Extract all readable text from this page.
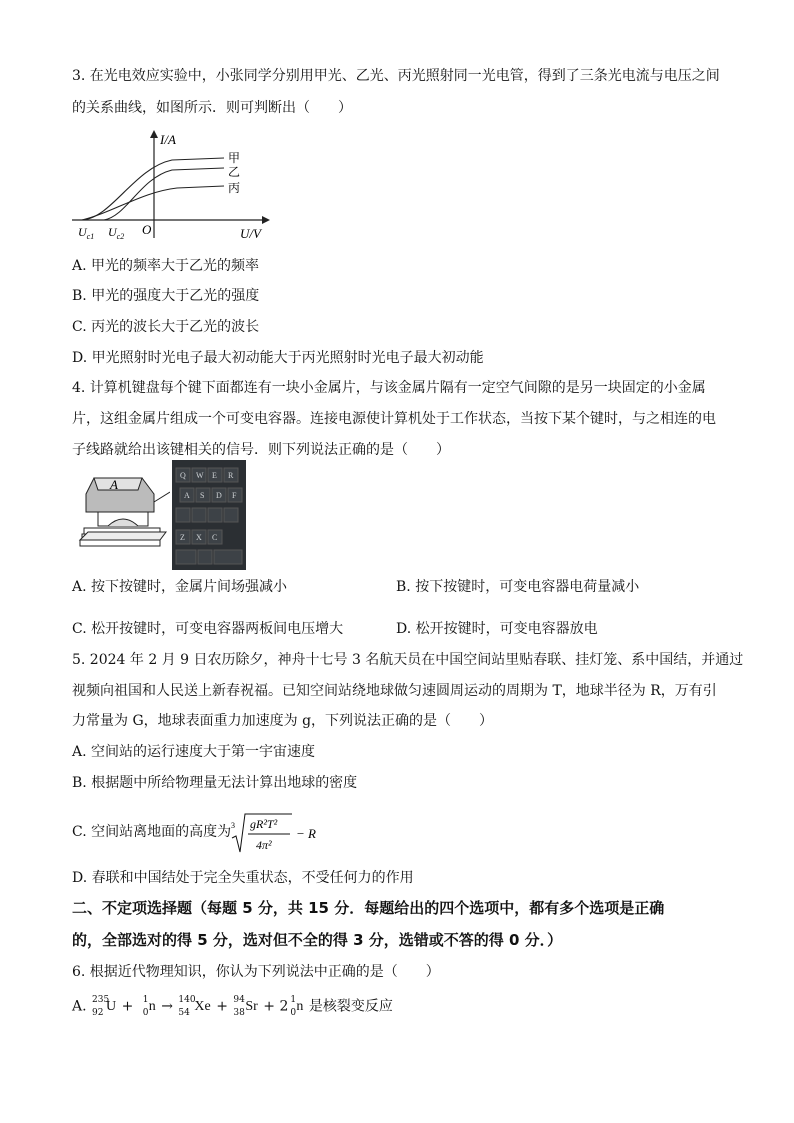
3. 在光电效应实验中，小张同学分别用甲光、乙光、丙光照射同一光电管，得到了三条光电流与电压之间
的关系曲线，如图所示．则可判断出（　　）
I/A
U/V
O
$U_{c1}$ $U_{c2}$
甲
乙
丙
A. 甲光的频率大于乙光的频率
B. 甲光的强度大于乙光的强度
C. 丙光的波长大于乙光的波长
D. 甲光照射时光电子最大初动能大于丙光照射时光电子最大初动能
4. 计算机键盘每个键下面都连有一块小金属片，与该金属片隔有一定空气间隙的是另一块固定的小金属
片，这组金属片组成一个可变电容器。连接电源使计算机处于工作状态，当按下某个键时，与之相连的电
子线路就给出该键相关的信号．则下列说法正确的是（　　）
A
Q W E R
A S D F
Z X C
A. 按下按键时，金属片间场强减小	B. 按下按键时，可变电容器电荷量减小
C. 松开按键时，可变电容器两板间电压增大	D. 松开按键时，可变电容器放电
5. 2024 年 2 月 9 日农历除夕，神舟十七号 3 名航天员在中国空间站里贴春联、挂灯笼、系中国结，并通过
视频向祖国和人民送上新春祝福。已知空间站绕地球做匀速圆周运动的周期为 T，地球半径为 R，万有引
力常量为 G，地球表面重力加速度为 g，下列说法正确的是（　　）
A. 空间站的运行速度大于第一宇宙速度
B. 根据题中所给物理量无法计算出地球的密度
C. 空间站离地面的高度为 3 gR²T²
4π²
− R
D. 春联和中国结处于完全失重状态，不受任何力的作用
二、不定项选择题（每题 5 分，共 15 分．每题给出的四个选项中，都有多个选项是正确
的，全部选对的得 5 分，选对但不全的得 3 分，选错或不答的得 0 分．）
6. 根据近代物理知识，你认为下列说法中正确的是（　　）
A. 235
92 U + 1
0 n → 140
54 Xe + 94
38 Sr + 2 1
0 n 是核裂变反应
